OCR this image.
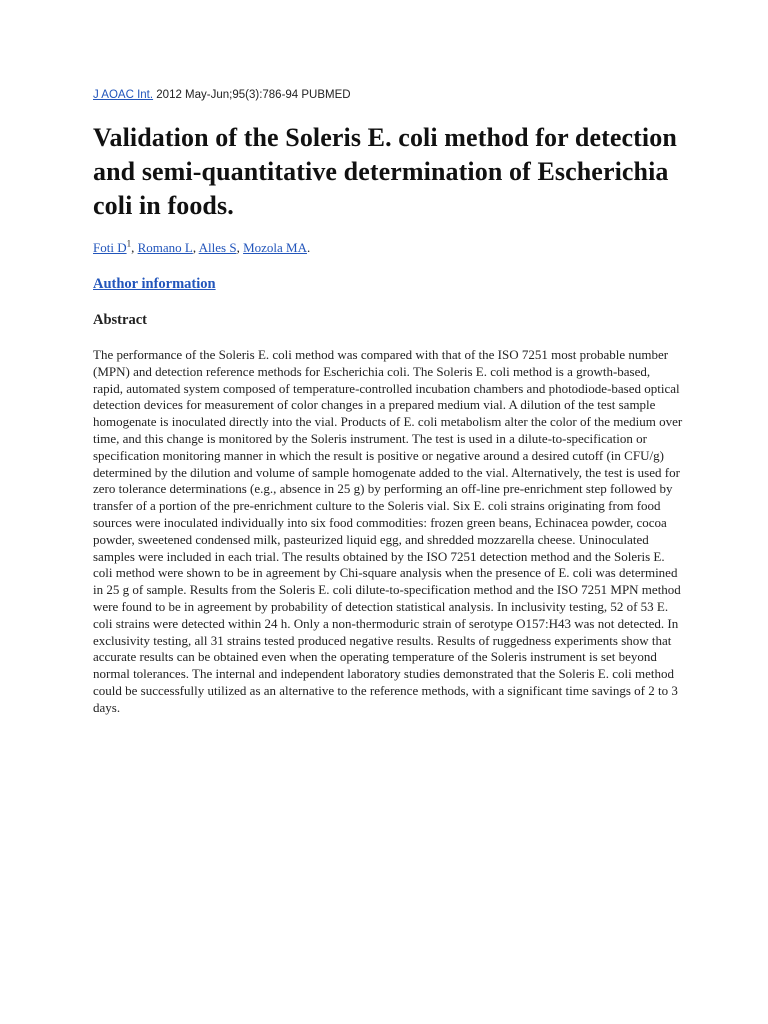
J AOAC Int. 2012 May-Jun;95(3):786-94 PUBMED

Validation of the Soleris E. coli method for detection and semi-quantitative determination of Escherichia coli in foods.

Foti $D^1$, Romano L, Alles S, Mozola MA.

Author information
Abstract

The performance of the Soleris E. coli method was compared with that of the ISO 7251 most probable number (MPN) and detection reference methods for Escherichia coli. The Soleris E. coli method is a growth-based, rapid, automated system composed of temperature-controlled incubation chambers and photodiode-based optical detection devices for measurement of color changes in a prepared medium vial. A dilution of the test sample homogenate is inoculated directly into the vial. Products of E. coli metabolism alter the color of the medium over time, and this change is monitored by the Soleris instrument. The test is used in a dilute-to-specification or specification monitoring manner in which the result is positive or negative around a desired cutoff (in CFU/g) determined by the dilution and volume of sample homogenate added to the vial. Alternatively, the test is used for zero tolerance determinations (e.g., absence in 25 g) by performing an off-line pre-enrichment step followed by transfer of a portion of the pre-enrichment culture to the Soleris vial. Six E. coli strains originating from food sources were inoculated individually into six food commodities: frozen green beans, Echinacea powder, cocoa powder, sweetened condensed milk, pasteurized liquid egg, and shredded mozzarella cheese. Uninoculated samples were included in each trial. The results obtained by the ISO 7251 detection method and the Soleris E. coli method were shown to be in agreement by Chi-square analysis when the presence of E. coli was determined in 25 g of sample. Results from the Soleris E. coli dilute-to-specification method and the ISO 7251 MPN method were found to be in agreement by probability of detection statistical analysis. In inclusivity testing, 52 of 53 E. coli strains were detected within 24 h. Only a non-thermoduric strain of serotype O157:H43 was not detected. In exclusivity testing, all 31 strains tested produced negative results. Results of ruggedness experiments show that accurate results can be obtained even when the operating temperature of the Soleris instrument is set beyond normal tolerances. The internal and independent laboratory studies demonstrated that the Soleris E. coli method could be successfully utilized as an alternative to the reference methods, with a significant time savings of 2 to 3 days.
